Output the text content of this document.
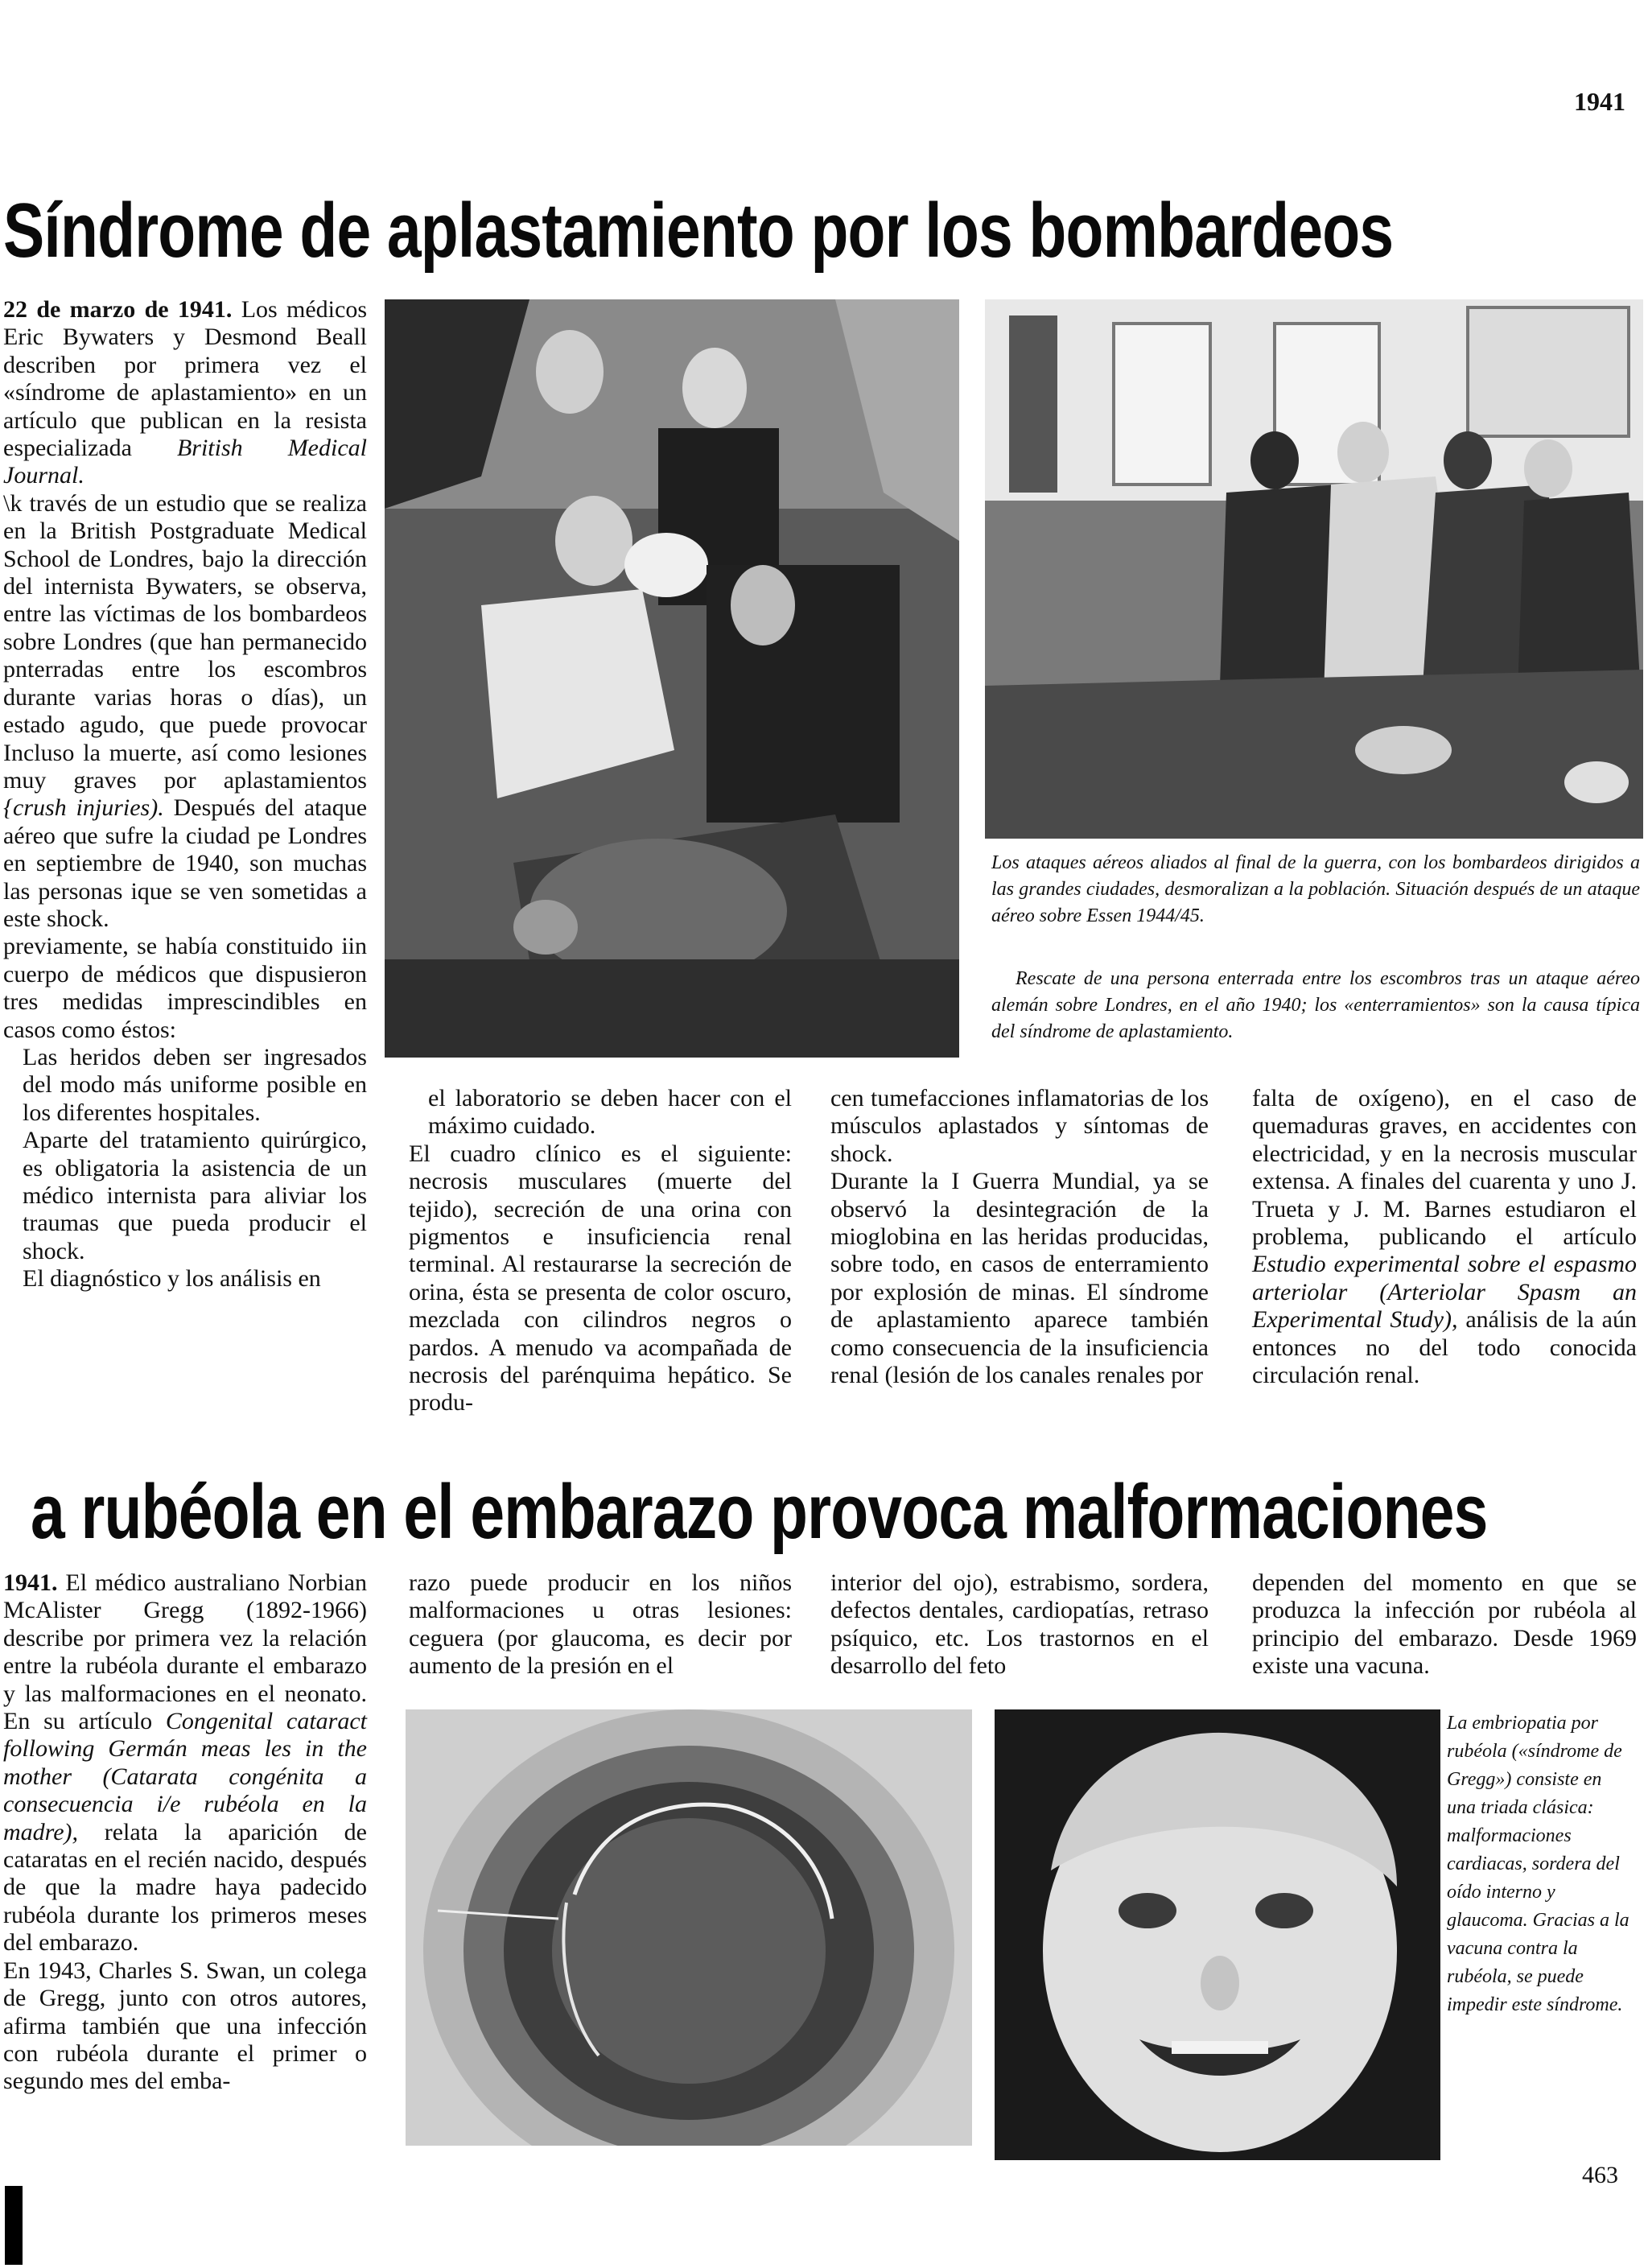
1941
Síndrome de aplastamiento por los bombardeos

22 de marzo de 1941. Los médicos Eric Bywaters y Desmond Beall describen por primera vez el «síndrome de aplastamiento» en un artículo que publican en la resista especializada British Medical Journal.

\k través de un estudio que se realiza en la British Postgraduate Medical School de Londres, bajo la dirección del internista Bywaters, se observa, entre las víctimas de los bombardeos sobre Londres (que han permanecido pnterradas entre los escombros durante varias horas o días), un estado agudo, que puede provocar Incluso la muerte, así como lesiones muy graves por aplastamientos {crush injuries). Después del ataque aéreo que sufre la ciudad pe Londres en septiembre de 1940, son muchas las personas ique se ven sometidas a este shock.

previamente, se había constituido iin cuerpo de médicos que dispusieron tres medidas imprescindibles en casos como éstos:

Las heridos deben ser ingresados del modo más uniforme posible en los diferentes hospitales.

Aparte del tratamiento quirúrgico, es obligatoria la asistencia de un médico internista para aliviar los traumas que pueda producir el shock.

El diagnóstico y los análisis en

Los ataques aéreos aliados al final de la guerra, con los bombardeos dirigidos a las grandes ciudades, desmoralizan a la población. Situación después de un ataque aéreo sobre Essen 1944/45.
Rescate de una persona enterrada entre los escombros tras un ataque aéreo alemán sobre Londres, en el año 1940; los «enterramientos» son la causa típica del síndrome de aplastamiento.

el laboratorio se deben hacer con el máximo cuidado.

El cuadro clínico es el siguiente: necrosis musculares (muerte del tejido), secreción de una orina con pigmentos e insuficiencia renal terminal. Al restaurarse la secreción de orina, ésta se presenta de color oscuro, mezclada con cilindros negros o pardos. A menudo va acompañada de necrosis del parénquima hepático. Se produ-

cen tumefacciones inflamatorias de los músculos aplastados y síntomas de shock.

Durante la I Guerra Mundial, ya se observó la desintegración de la mioglobina en las heridas producidas, sobre todo, en casos de enterramiento por explosión de minas. El síndrome de aplastamiento aparece también como consecuencia de la insuficiencia renal (lesión de los canales renales por

falta de oxígeno), en el caso de quemaduras graves, en accidentes con electricidad, y en la necrosis muscular extensa. A finales del cuarenta y uno J. Trueta y J. M. Barnes estudiaron el problema, publicando el artículo Estudio experimental sobre el espasmo arteriolar (Arteriolar Spasm an Experimental Study), análisis de la aún entonces no del todo conocida circulación renal.

a rubéola en el embarazo provoca malformaciones

1941. El médico australiano Norbian McAlister Gregg (1892-1966) describe por primera vez la relación entre la rubéola durante el embarazo y las malformaciones en el neonato. En su artículo Congenital cataract following Germán meas les in the mother (Catarata congénita a consecuencia i/e rubéola en la madre), relata la aparición de cataratas en el recién nacido, después de que la madre haya padecido rubéola durante los primeros meses del embarazo.

En 1943, Charles S. Swan, un colega de Gregg, junto con otros autores, afirma también que una infección con rubéola durante el primer o segundo mes del emba-

razo puede producir en los niños malformaciones u otras lesiones: ceguera (por glaucoma, es decir por aumento de la presión en el
interior del ojo), estrabismo, sordera, defectos dentales, cardiopatías, retraso psíquico, etc. Los trastornos en el desarrollo del feto
dependen del momento en que se produzca la infección por rubéola al principio del embarazo. Desde 1969 existe una vacuna.
La embriopatia por rubéola («síndrome de Gregg») consiste en una triada clásica: malformaciones cardiacas, sordera del oído interno y glaucoma. Gracias a la vacuna contra la rubéola, se puede impedir este síndrome.
463
